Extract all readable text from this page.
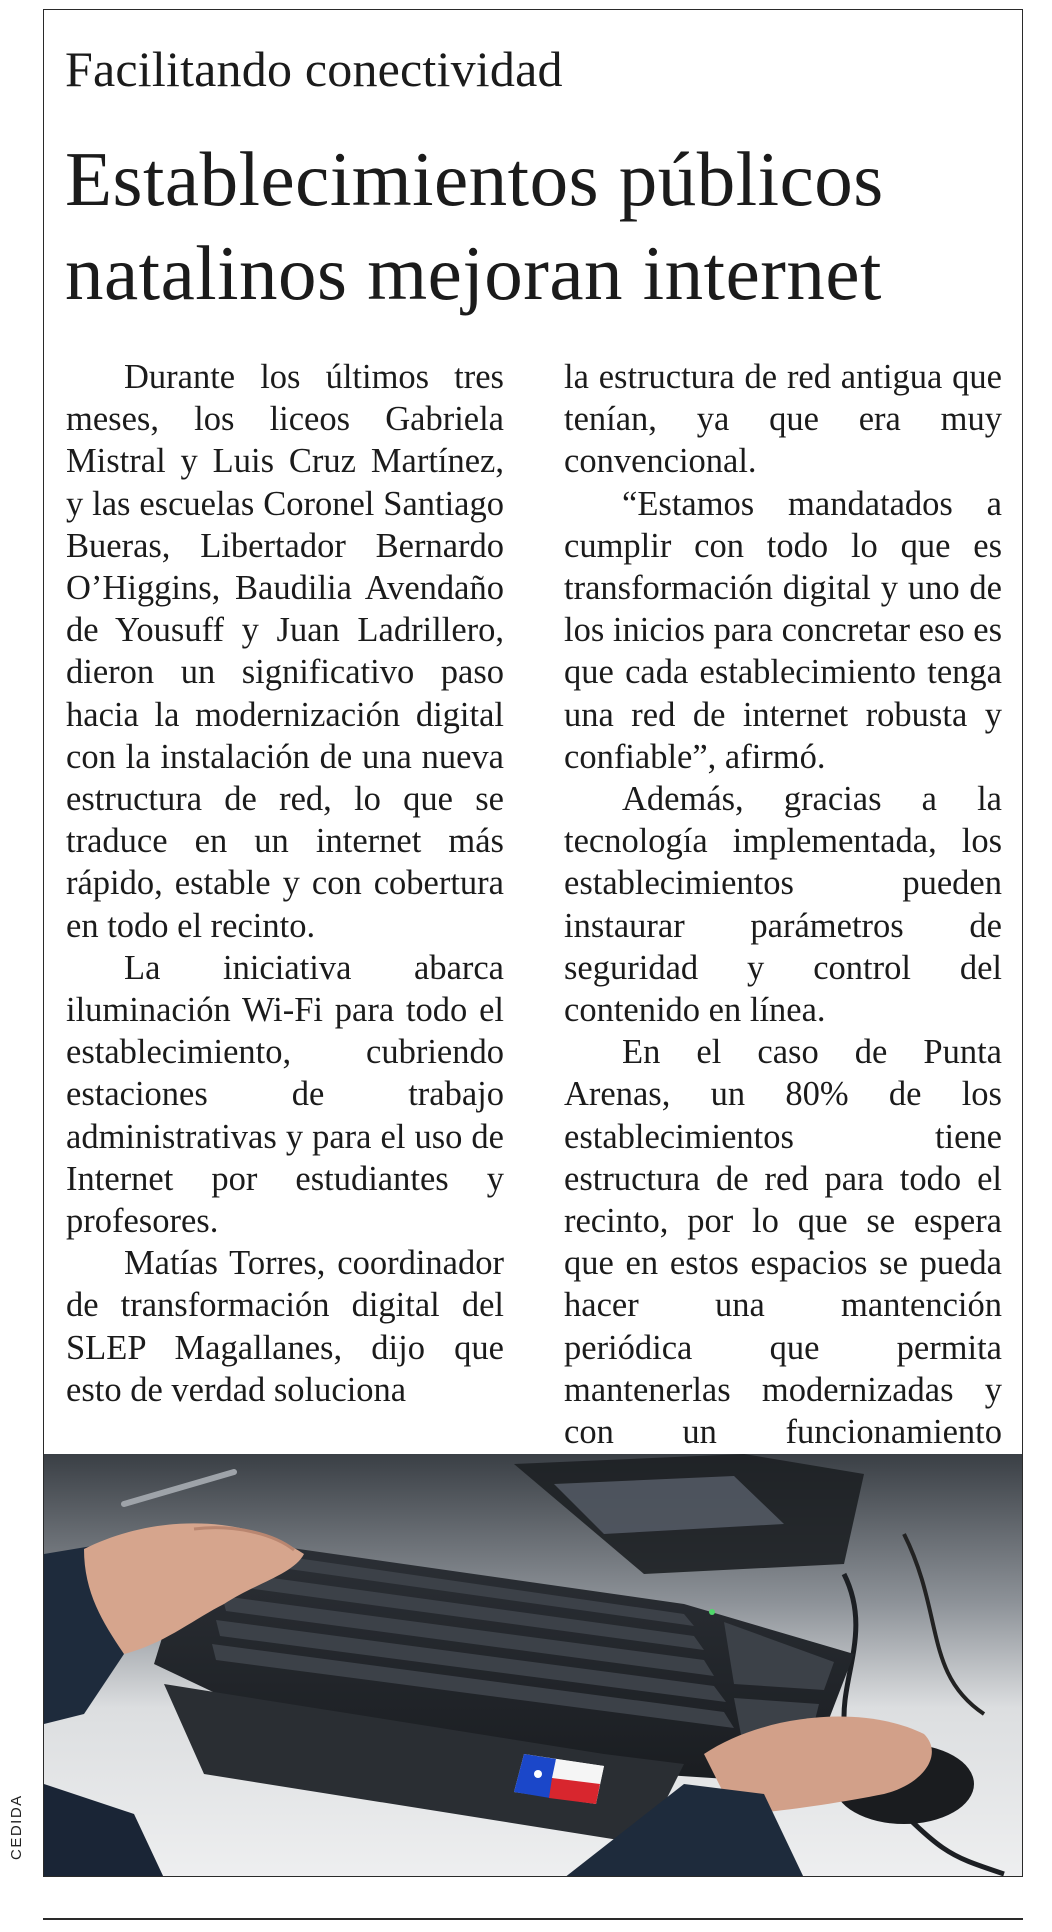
Facilitando conectividad
Establecimientos públicos
natalinos mejoran internet

Durante los últimos tres meses, los liceos Gabriela Mistral y Luis Cruz Martínez, y las escuelas Coronel Santiago Bueras, Libertador Bernardo O’Higgins, Baudilia Avendaño de Yousuff y Juan Ladrillero, dieron un significativo paso hacia la modernización digital con la instalación de una nueva estructura de red, lo que se traduce en un internet más rápido, estable y con cobertura en todo el recinto.

La iniciativa abarca iluminación Wi-Fi para todo el establecimiento, cubriendo estaciones de trabajo administrativas y para el uso de Internet por estudiantes y profesores.

Matías Torres, coordinador de transformación digital del SLEP Magallanes, dijo que esto de verdad soluciona

la estructura de red antigua que tenían, ya que era muy convencional.

“Estamos mandatados a cumplir con todo lo que es transformación digital y uno de los inicios para concretar eso es que cada establecimiento tenga una red de internet robusta y confiable”, afirmó.

Además, gracias a la tecnología implementada, los establecimientos pueden instaurar parámetros de seguridad y control del contenido en línea.

En el caso de Punta Arenas, un 80% de los establecimientos tiene estructura de red para todo el recinto, por lo que se espera que en estos espacios se pueda hacer una mantención periódica que permita mantenerlas modernizadas y con un funcionamiento

CEDIDA
